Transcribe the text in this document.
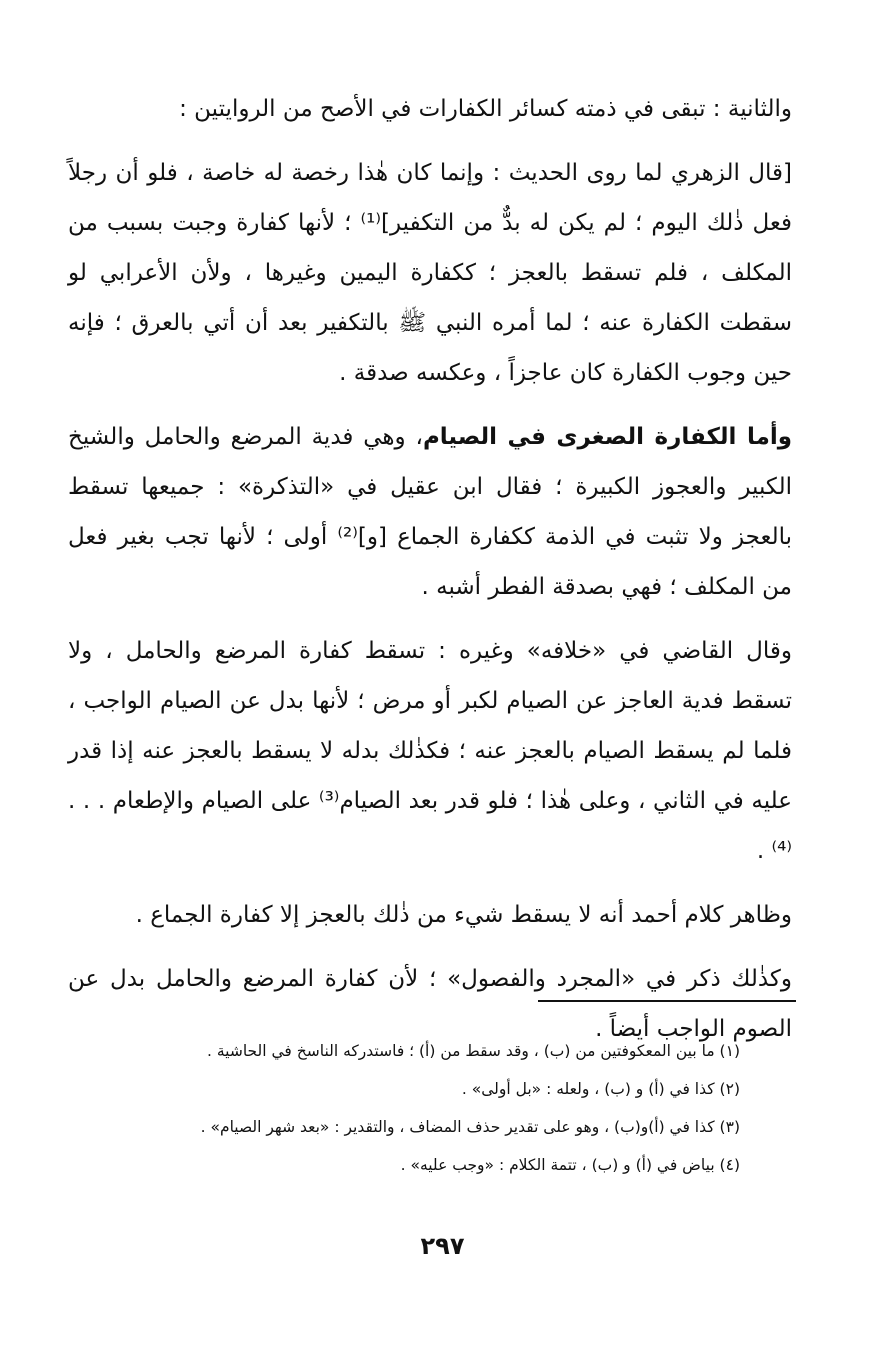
والثانية : تبقى في ذمته كسائر الكفارات في الأصح من الروايتين :

[قال الزهري لما روى الحديث : وإنما كان هٰذا رخصة له خاصة ، فلو أن رجلاً فعل ذٰلك اليوم ؛ لم يكن له بدٌّ من التكفير]⁽¹⁾ ؛ لأنها كفارة وجبت بسبب من المكلف ، فلم تسقط بالعجز ؛ ككفارة اليمين وغيرها ، ولأن الأعرابي لو سقطت الكفارة عنه ؛ لما أمره النبي ﷺ بالتكفير بعد أن أتي بالعرق ؛ فإنه حين وجوب الكفارة كان عاجزاً ، وعكسه صدقة .

وأما الكفارة الصغرى في الصيام، وهي فدية المرضع والحامل والشيخ الكبير والعجوز الكبيرة ؛ فقال ابن عقيل في «التذكرة» : جميعها تسقط بالعجز ولا تثبت في الذمة ككفارة الجماع [و]⁽²⁾ أولى ؛ لأنها تجب بغير فعل من المكلف ؛ فهي بصدقة الفطر أشبه .

وقال القاضي في «خلافه» وغيره : تسقط كفارة المرضع والحامل ، ولا تسقط فدية العاجز عن الصيام لكبر أو مرض ؛ لأنها بدل عن الصيام الواجب ، فلما لم يسقط الصيام بالعجز عنه ؛ فكذٰلك بدله لا يسقط بالعجز عنه إذا قدر عليه في الثاني ، وعلى هٰذا ؛ فلو قدر بعد الصيام⁽³⁾ على الصيام والإطعام . . .⁽⁴⁾ .

وظاهر كلام أحمد أنه لا يسقط شيء من ذٰلك بالعجز إلا كفارة الجماع .

وكذٰلك ذكر في «المجرد والفصول» ؛ لأن كفارة المرضع والحامل بدل عن الصوم الواجب أيضاً .

(١) ما بين المعكوفتين من (ب) ، وقد سقط من (أ) ؛ فاستدركه الناسخ في الحاشية .

(٢) كذا في (أ) و (ب) ، ولعله : «بل أولى» .

(٣) كذا في (أ)و(ب) ، وهو على تقدير حذف المضاف ، والتقدير : «بعد شهر الصيام» .

(٤) بياض في (أ) و (ب) ، تتمة الكلام : «وجب عليه» .

٢٩٧
